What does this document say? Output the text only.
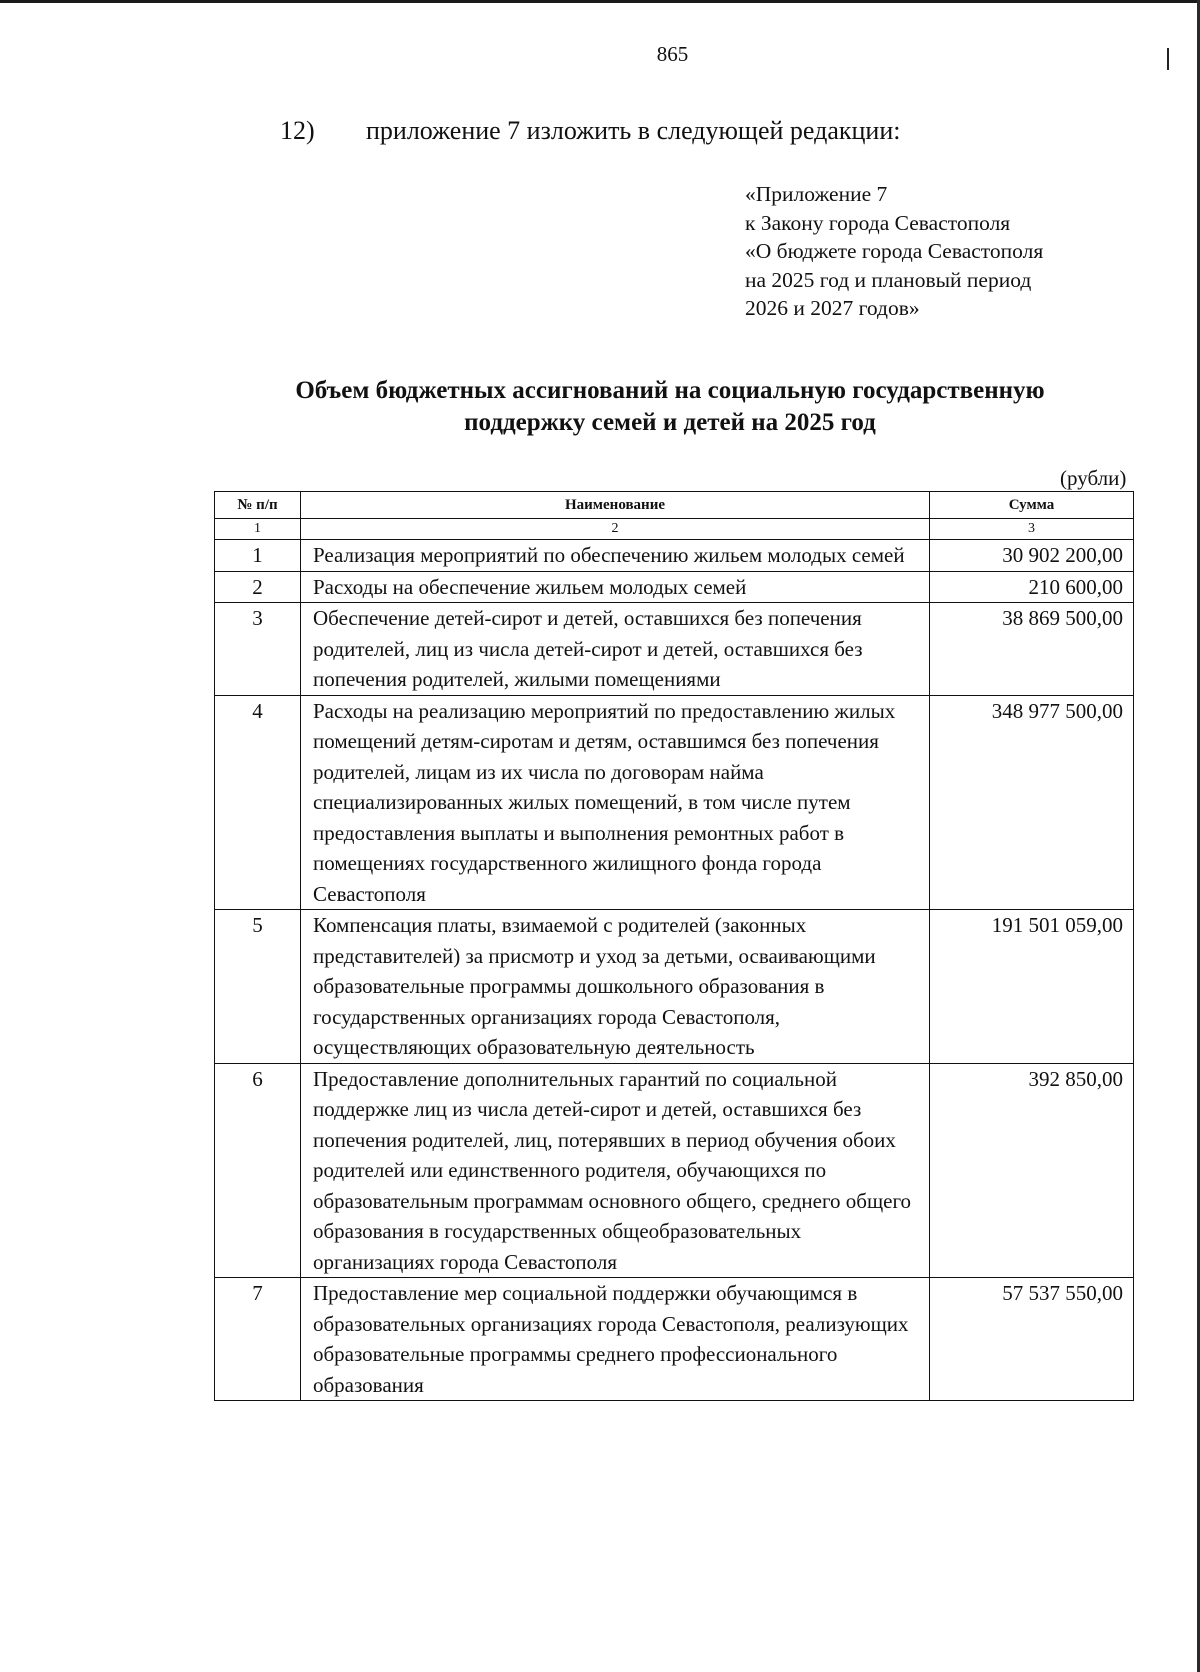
865
12) приложение 7 изложить в следующей редакции:
«Приложение 7
к Закону города Севастополя
«О бюджете города Севастополя
на 2025 год и плановый период
2026 и 2027 годов»
Объем бюджетных ассигнований на социальную государственную
поддержку семей и детей на 2025 год
(рубли)
№ п/п	Наименование	Сумма
1	2	3
1	Реализация мероприятий по обеспечению жильем молодых семей	30 902 200,00
2	Расходы на обеспечение жильем молодых семей	210 600,00
3	Обеспечение детей-сирот и детей, оставшихся без попечения родителей, лиц из числа детей-сирот и детей, оставшихся без попечения родителей, жилыми помещениями	38 869 500,00
4	Расходы на реализацию мероприятий по предоставлению жилых помещений детям-сиротам и детям, оставшимся без попечения родителей, лицам из их числа по договорам найма специализированных жилых помещений, в том числе путем предоставления выплаты и выполнения ремонтных работ в помещениях государственного жилищного фонда города Севастополя	348 977 500,00
5	Компенсация платы, взимаемой с родителей (законных представителей) за присмотр и уход за детьми, осваивающими образовательные программы дошкольного образования в государственных организациях города Севастополя, осуществляющих образовательную деятельность	191 501 059,00
6	Предоставление дополнительных гарантий по социальной поддержке лиц из числа детей-сирот и детей, оставшихся без попечения родителей, лиц, потерявших в период обучения обоих родителей или единственного родителя, обучающихся по образовательным программам основного общего, среднего общего образования в государственных общеобразовательных организациях города Севастополя	392 850,00
7	Предоставление мер социальной поддержки обучающимся в образовательных организациях города Севастополя, реализующих образовательные программы среднего профессионального образования	57 537 550,00
